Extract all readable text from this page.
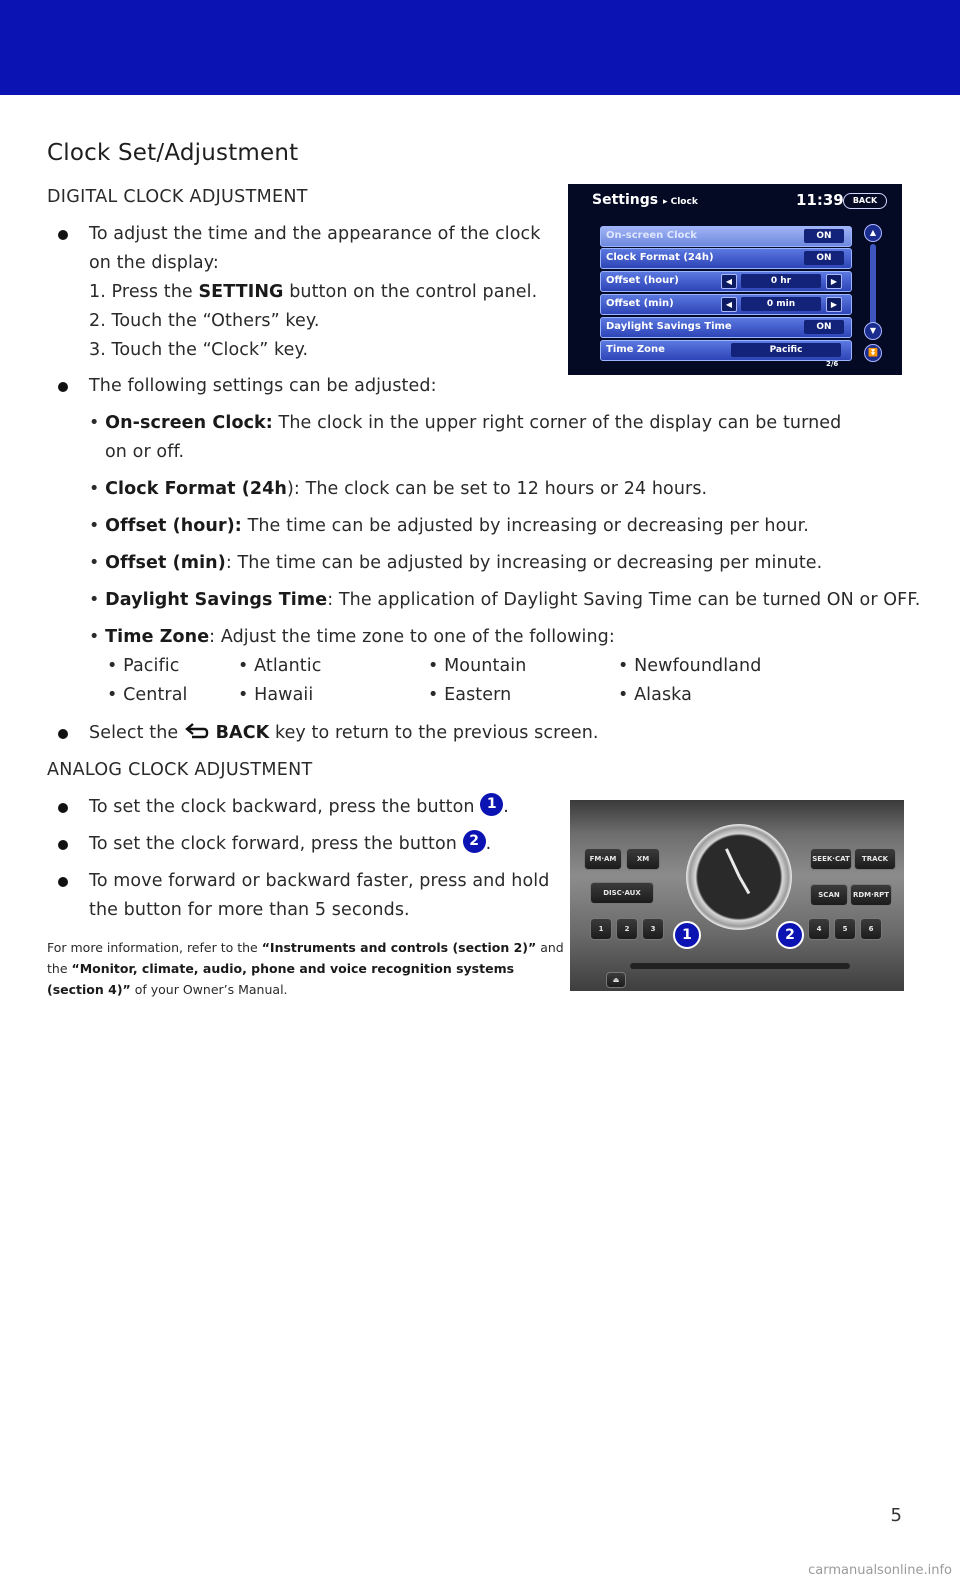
Clock Set/Adjustment
DIGITAL CLOCK ADJUSTMENT
To adjust the time and the appearance of the clock
on the display:
1. Press the SETTING button on the control panel.
2. Touch the “Others” key.
3. Touch the “Clock” key.
The following settings can be adjusted:
• On-screen Clock: The clock in the upper right corner of the display can be turned
on or off.
• Clock Format (24h): The clock can be set to 12 hours or 24 hours.
• Offset (hour): The time can be adjusted by increasing or decreasing per hour.
• Offset (min): The time can be adjusted by increasing or decreasing per minute.
• Daylight Savings Time: The application of Daylight Saving Time can be turned ON or OFF.
• Time Zone: Adjust the time zone to one of the following:
• Pacific	• Atlantic	• Mountain	• Newfoundland
• Central	• Hawaii	• Eastern	• Alaska
Select the  BACK key to return to the previous screen.
ANALOG CLOCK ADJUSTMENT
To set the clock backward, press the button 1 .
To set the clock forward, press the button 2 .
To move forward or backward faster, press and hold
the button for more than 5 seconds.
For more information, refer to the “Instruments and controls (section 2)” and the “Monitor, climate, audio, phone and voice recognition systems (section 4)” of your Owner’s Manual.
Settings ▸ Clock	11:39	BACK
On-screen Clock	ON
Clock Format (24h)	ON
Offset (hour)	◀	0 hr	▶
Offset (min)	◀	0 min	▶
Daylight Savings Time	ON
Time Zone	Pacific
▲
▼
⏬
2/6
FM·AM	XM
DISC·AUX
SEEK·CAT	TRACK
SCAN	RDM·RPT
1	2	3	4	5	6
1	2
⏏
5
carmanualsonline.info
